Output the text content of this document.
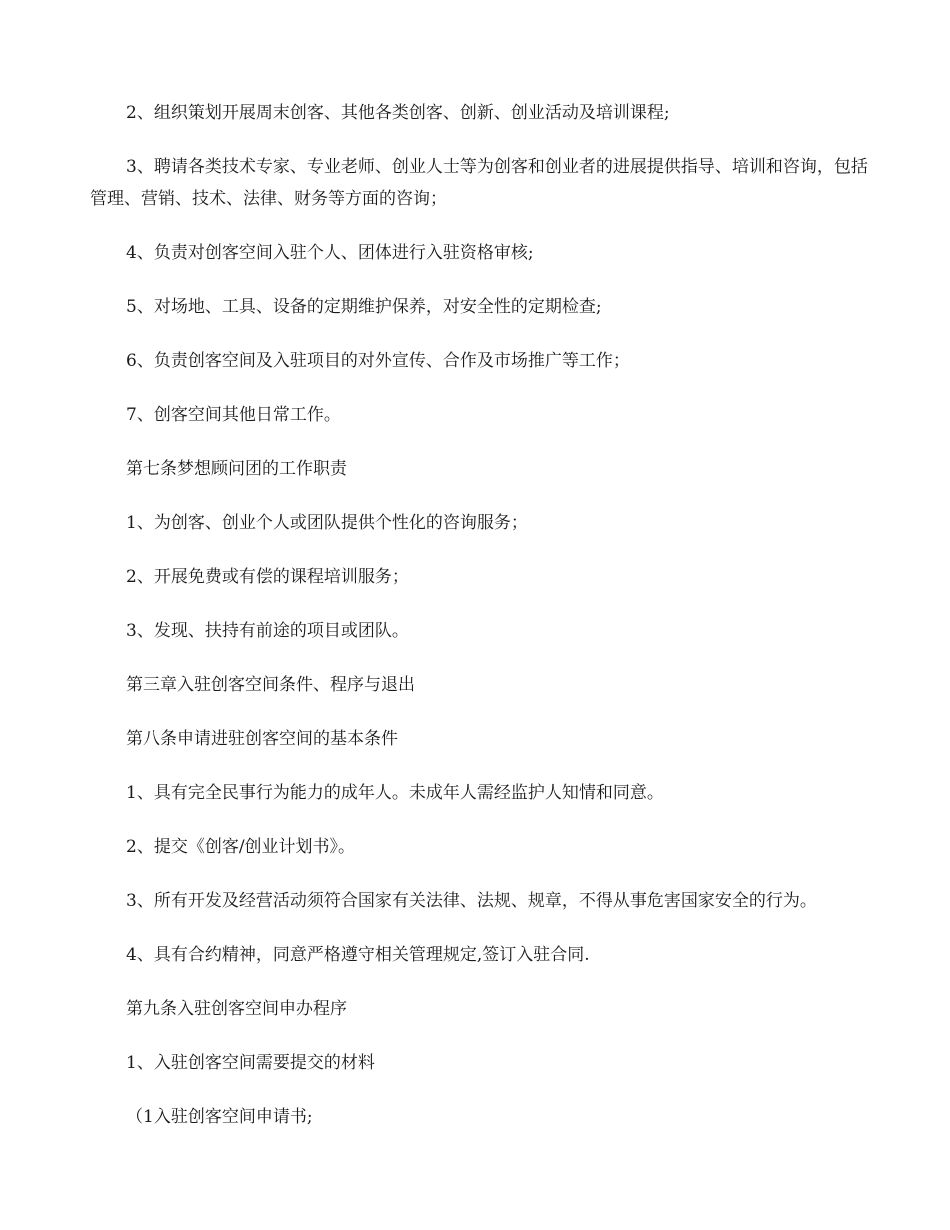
2、组织策划开展周末创客、其他各类创客、创新、创业活动及培训课程;

3、聘请各类技术专家、专业老师、创业人士等为创客和创业者的进展提供指导、培训和咨询，包括管理、营销、技术、法律、财务等方面的咨询；

4、负责对创客空间入驻个人、团体进行入驻资格审核;

5、对场地、工具、设备的定期维护保养，对安全性的定期检查;

6、负责创客空间及入驻项目的对外宣传、合作及市场推广等工作；

7、创客空间其他日常工作。

第七条梦想顾问团的工作职责

1、为创客、创业个人或团队提供个性化的咨询服务；

2、开展免费或有偿的课程培训服务；

3、发现、扶持有前途的项目或团队。

第三章入驻创客空间条件、程序与退出

第八条申请进驻创客空间的基本条件

1、具有完全民事行为能力的成年人。未成年人需经监护人知情和同意。

2、提交《创客/创业计划书》。

3、所有开发及经营活动须符合国家有关法律、法规、规章，不得从事危害国家安全的行为。

4、具有合约精神，同意严格遵守相关管理规定,签订入驻合同.

第九条入驻创客空间申办程序

1、入驻创客空间需要提交的材料

（1入驻创客空间申请书;
